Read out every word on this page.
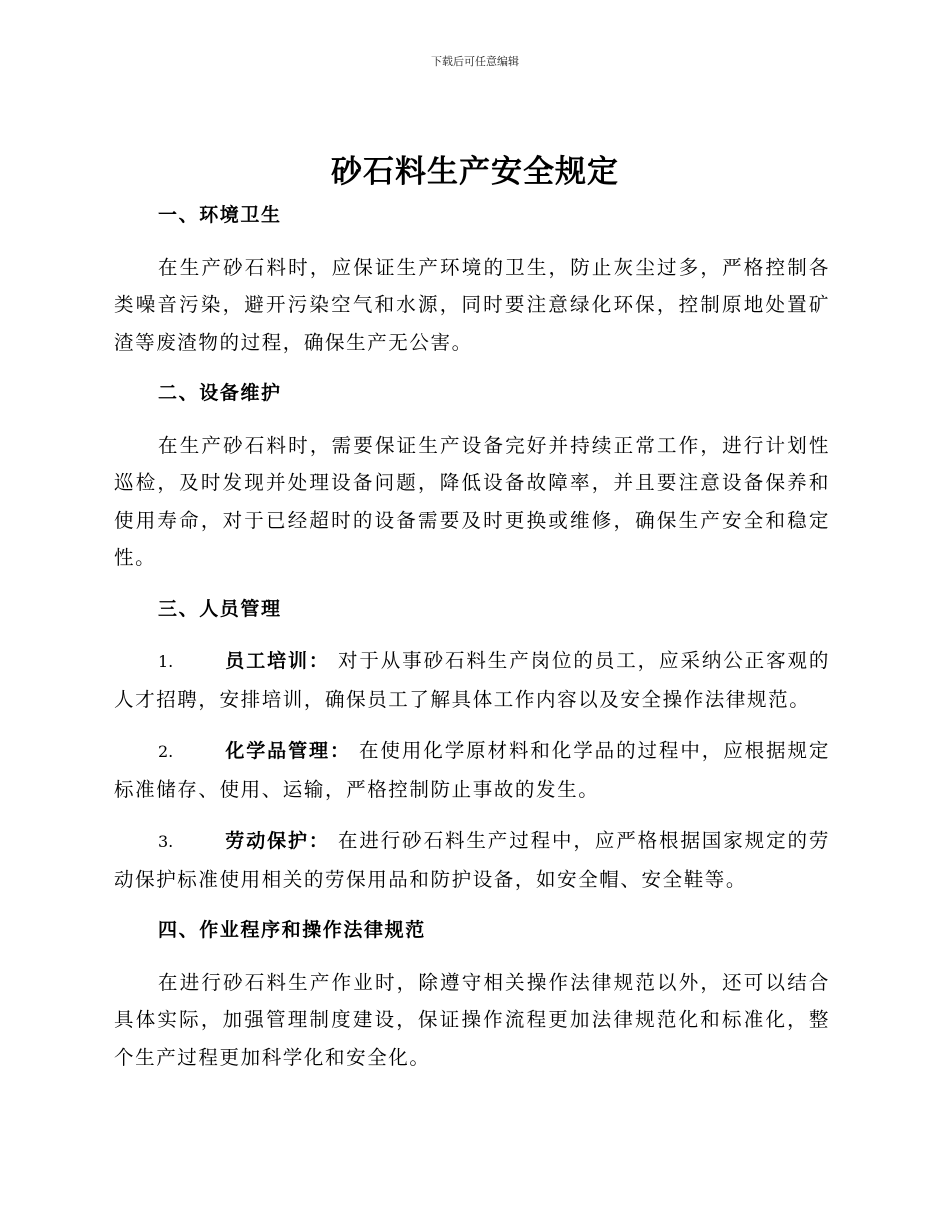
下载后可任意编辑
砂石料生产安全规定
一、环境卫生

在生产砂石料时，应保证生产环境的卫生，防止灰尘过多，严格控制各类噪音污染，避开污染空气和水源，同时要注意绿化环保，控制原地处置矿渣等废渣物的过程，确保生产无公害。

二、设备维护

在生产砂石料时，需要保证生产设备完好并持续正常工作，进行计划性巡检，及时发现并处理设备问题，降低设备故障率，并且要注意设备保养和使用寿命，对于已经超时的设备需要及时更换或维修，确保生产安全和稳定性。

三、人员管理

1.	员工培训： 对于从事砂石料生产岗位的员工，应采纳公正客观的人才招聘，安排培训，确保员工了解具体工作内容以及安全操作法律规范。

2.	化学品管理： 在使用化学原材料和化学品的过程中，应根据规定标准储存、使用、运输，严格控制防止事故的发生。

3.	劳动保护： 在进行砂石料生产过程中，应严格根据国家规定的劳动保护标准使用相关的劳保用品和防护设备，如安全帽、安全鞋等。

四、作业程序和操作法律规范

在进行砂石料生产作业时，除遵守相关操作法律规范以外，还可以结合具体实际，加强管理制度建设，保证操作流程更加法律规范化和标准化，整个生产过程更加科学化和安全化。
